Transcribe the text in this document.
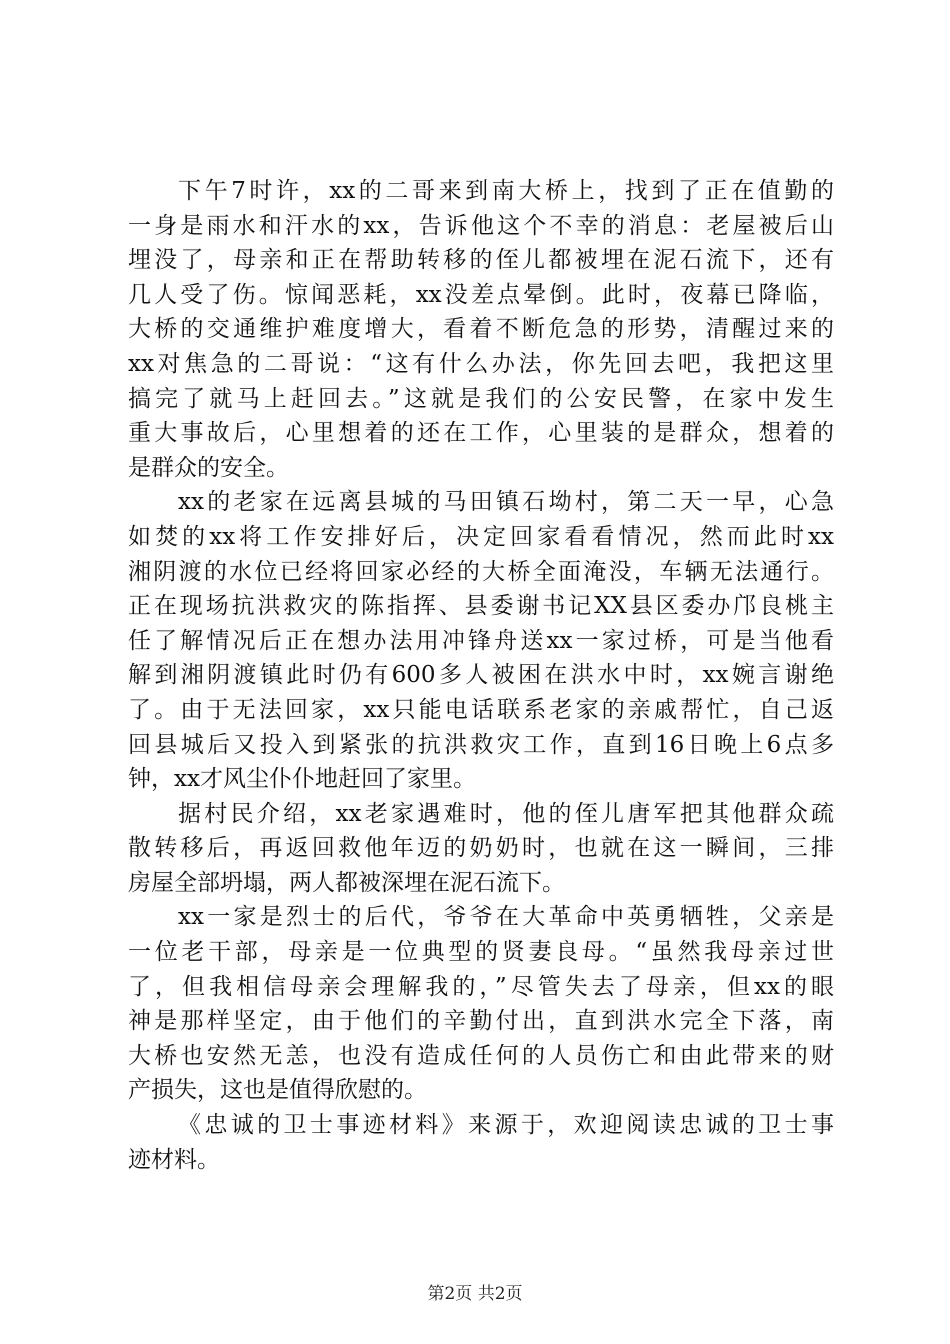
下午7时许，xx的二哥来到南大桥上，找到了正在值勤的
一身是雨水和汗水的xx，告诉他这个不幸的消息：老屋被后山
埋没了，母亲和正在帮助转移的侄儿都被埋在泥石流下，还有
几人受了伤。惊闻恶耗，xx没差点晕倒。此时，夜幕已降临，
大桥的交通维护难度增大，看着不断危急的形势，清醒过来的
xx对焦急的二哥说：“这有什么办法，你先回去吧，我把这里
搞完了就马上赶回去。”这就是我们的公安民警，在家中发生
重大事故后，心里想着的还在工作，心里装的是群众，想着的
是群众的安全。
xx的老家在远离县城的马田镇石坳村，第二天一早，心急
如焚的xx将工作安排好后，决定回家看看情况，然而此时xx
湘阴渡的水位已经将回家必经的大桥全面淹没，车辆无法通行。
正在现场抗洪救灾的陈指挥、县委谢书记XX县区委办邝良桃主
任了解情况后正在想办法用冲锋舟送xx一家过桥，可是当他看
解到湘阴渡镇此时仍有600多人被困在洪水中时，xx婉言谢绝
了。由于无法回家，xx只能电话联系老家的亲戚帮忙，自己返
回县城后又投入到紧张的抗洪救灾工作，直到16日晚上6点多
钟，xx才风尘仆仆地赶回了家里。
据村民介绍，xx老家遇难时，他的侄儿唐军把其他群众疏
散转移后，再返回救他年迈的奶奶时，也就在这一瞬间，三排
房屋全部坍塌，两人都被深埋在泥石流下。
xx一家是烈士的后代，爷爷在大革命中英勇牺牲，父亲是
一位老干部，母亲是一位典型的贤妻良母。“虽然我母亲过世
了，但我相信母亲会理解我的，”尽管失去了母亲，但xx的眼
神是那样坚定，由于他们的辛勤付出，直到洪水完全下落，南
大桥也安然无恙，也没有造成任何的人员伤亡和由此带来的财
产损失，这也是值得欣慰的。
《忠诚的卫士事迹材料》来源于，欢迎阅读忠诚的卫士事
迹材料。
第2页 共2页
